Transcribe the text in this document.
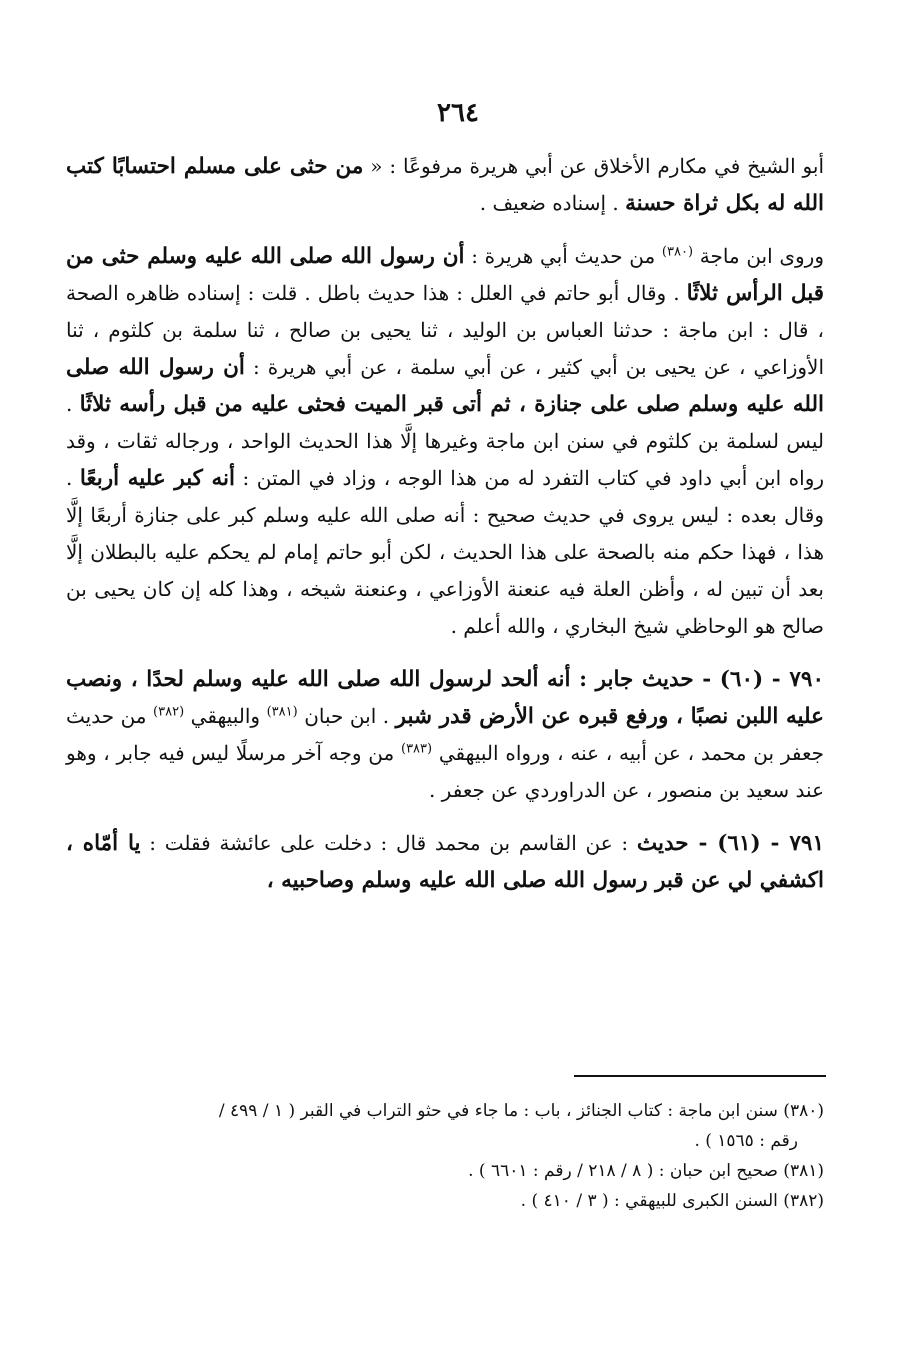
٢٦٤

أبو الشيخ في مكارم الأخلاق عن أبي هريرة مرفوعًا : « من حثى على مسلم احتسابًا كتب الله له بكل ثراة حسنة . إسناده ضعيف .

وروى ابن ماجة $^{(٣٨٠)}$ من حديث أبي هريرة : أن رسول الله صلى الله عليه وسلم حثى من قبل الرأس ثلاثًا . وقال أبو حاتم في العلل : هذا حديث باطل . قلت : إسناده ظاهره الصحة ، قال : ابن ماجة : حدثنا العباس بن الوليد ، ثنا يحيى بن صالح ، ثنا سلمة بن كلثوم ، ثنا الأوزاعي ، عن يحيى بن أبي كثير ، عن أبي سلمة ، عن أبي هريرة : أن رسول الله صلى الله عليه وسلم صلى على جنازة ، ثم أتى قبر الميت فحثى عليه من قبل رأسه ثلاثًا . ليس لسلمة بن كلثوم في سنن ابن ماجة وغيرها إلَّا هذا الحديث الواحد ، ورجاله ثقات ، وقد رواه ابن أبي داود في كتاب التفرد له من هذا الوجه ، وزاد في المتن : أنه كبر عليه أربعًا . وقال بعده : ليس يروى في حديث صحيح : أنه صلى الله عليه وسلم كبر على جنازة أربعًا إلَّا هذا ، فهذا حكم منه بالصحة على هذا الحديث ، لكن أبو حاتم إمام لم يحكم عليه بالبطلان إلَّا بعد أن تبين له ، وأظن العلة فيه عنعنة الأوزاعي ، وعنعنة شيخه ، وهذا كله إن كان يحيى بن صالح هو الوحاظي شيخ البخاري ، والله أعلم .

٧٩٠ - (٦٠) - حديث جابر : أنه ألحد لرسول الله صلى الله عليه وسلم لحدًا ، ونصب عليه اللبن نصبًا ، ورفع قبره عن الأرض قدر شبر . ابن حبان $^{(٣٨١)}$ والبيهقي $^{(٣٨٢)}$ من حديث جعفر بن محمد ، عن أبيه ، عنه ، ورواه البيهقي $^{(٣٨٣)}$ من وجه آخر مرسلًا ليس فيه جابر ، وهو عند سعيد بن منصور ، عن الدراوردي عن جعفر .

٧٩١ - (٦١) - حديث : عن القاسم بن محمد قال : دخلت على عائشة فقلت : يا أمّاه ، اكشفي لي عن قبر رسول الله صلى الله عليه وسلم وصاحبيه ،

(٣٨٠) سنن ابن ماجة : كتاب الجنائز ، باب : ما جاء في حثو التراب في القبر ( ١ / ٤٩٩ /
رقم : ١٥٦٥ ) .
(٣٨١) صحيح ابن حبان : ( ٨ / ٢١٨ / رقم : ٦٦٠١ ) .
(٣٨٢) السنن الكبرى للبيهقي : ( ٣ / ٤١٠ ) .
